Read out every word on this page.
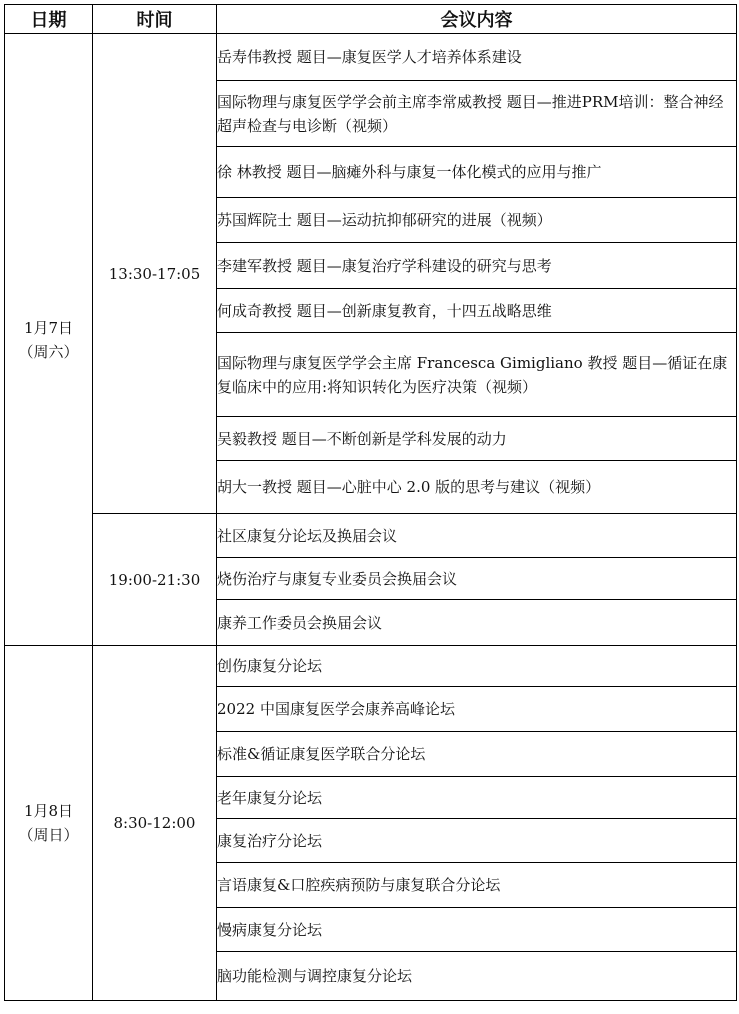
日期	时间	会议内容

1月7日
（周六）	13:30-17:05	岳寿伟教授 题目—康复医学人才培养体系建设
		国际物理与康复医学学会前主席李常威教授 题目—推进PRM培训：整合神经超声检查与电诊断（视频）
		徐 林教授 题目—脑瘫外科与康复一体化模式的应用与推广
		苏国辉院士 题目—运动抗抑郁研究的进展（视频）
		李建军教授 题目—康复治疗学科建设的研究与思考
		何成奇教授 题目—创新康复教育，十四五战略思维
		国际物理与康复医学学会主席 Francesca Gimigliano 教授 题目—循证在康复临床中的应用:将知识转化为医疗决策（视频）
		吴毅教授 题目—不断创新是学科发展的动力
		胡大一教授 题目—心脏中心 2.0 版的思考与建议（视频）
	19:00-21:30	社区康复分论坛及换届会议
		烧伤治疗与康复专业委员会换届会议
		康养工作委员会换届会议

1月8日
（周日）	8:30-12:00	创伤康复分论坛
		2022 中国康复医学会康养高峰论坛
		标准&循证康复医学联合分论坛
		老年康复分论坛
		康复治疗分论坛
		言语康复&口腔疾病预防与康复联合分论坛
		慢病康复分论坛
		脑功能检测与调控康复分论坛
